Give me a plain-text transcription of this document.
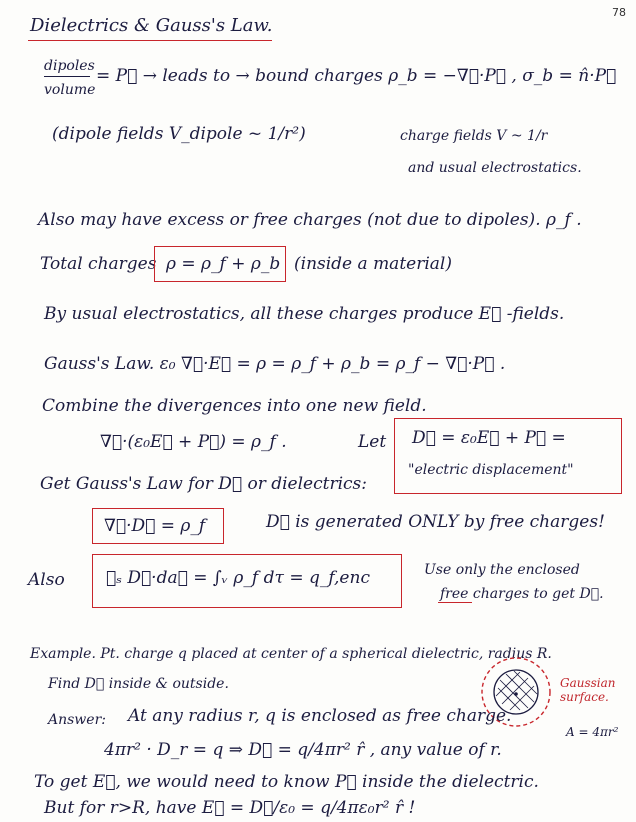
78
Dielectrics & Gauss's Law.
dipoles
volume
= P⃗ → leads to → bound charges ρ_b = −∇⃗·P⃗ , σ_b = n̂·P⃗
(dipole fields V_dipole ~ 1/r²)	charge fields V ~ 1/r
and usual electrostatics.
Also may have excess or free charges (not due to dipoles). ρ_f .
Total charges ρ = ρ_f + ρ_b (inside a material)
By usual electrostatics, all these charges produce E⃗ -fields.
Gauss's Law. ε₀ ∇⃗·E⃗ = ρ = ρ_f + ρ_b = ρ_f − ∇⃗·P⃗ .
Combine the divergences into one new field.
∇⃗·(ε₀E⃗ + P⃗) = ρ_f .	Let D⃗ = ε₀E⃗ + P⃗ =
"electric displacement"
Get Gauss's Law for D⃗ or dielectrics:
∇⃗·D⃗ = ρ_f	D⃗ is generated ONLY by free charges!
Also ∮ₛ D⃗·da⃗ = ∫ᵥ ρ_f dτ = q_f,enc	Use only the enclosed
free charges to get D⃗.
Example. Pt. charge q placed at center of a spherical dielectric, radius R.
Find D⃗ inside & outside.	Gaussian surface.
A = 4πr²
Answer: At any radius r, q is enclosed as free charge.
4πr² · D_r = q ⇒ D⃗ = q/4πr² r̂ , any value of r.
To get E⃗, we would need to know P⃗ inside the dielectric.
But for r>R, have E⃗ = D⃗/ε₀ = q/4πε₀r² r̂ !
